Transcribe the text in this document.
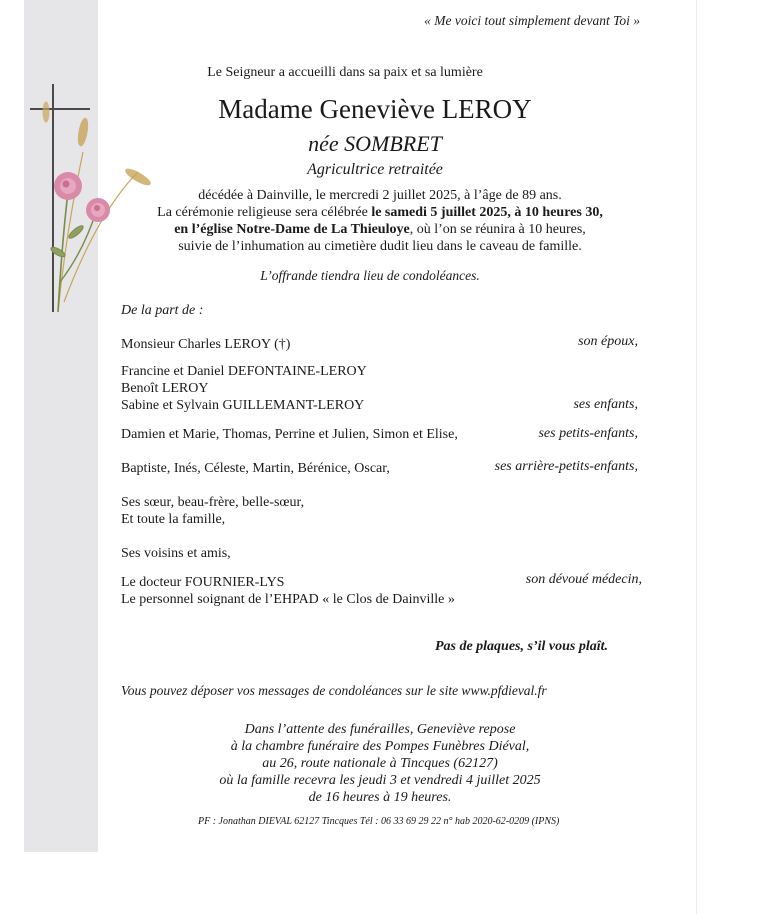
« Me voici tout simplement devant Toi »
Le Seigneur a accueilli dans sa paix et sa lumière
Madame Geneviève LEROY
née SOMBRET
Agricultrice retraitée
décédée à Dainville, le mercredi 2 juillet 2025, à l’âge de 89 ans.
La cérémonie religieuse sera célébrée le samedi 5 juillet 2025, à 10 heures 30,
en l’église Notre-Dame de La Thieuloye, où l’on se réunira à 10 heures,
suivie de l’inhumation au cimetière dudit lieu dans le caveau de famille.
L’offrande tiendra lieu de condoléances.
De la part de :
Monsieur Charles LEROY (†)	son époux,
Francine et Daniel DEFONTAINE-LEROY
Benoît LEROY
Sabine et Sylvain GUILLEMANT-LEROY	ses enfants,
Damien et Marie, Thomas, Perrine et Julien, Simon et Elise,	ses petits-enfants,
Baptiste, Inés, Céleste, Martin, Bérénice, Oscar,	ses arrière-petits-enfants,
Ses sœur, beau-frère, belle-sœur,
Et toute la famille,
Ses voisins et amis,
Le docteur FOURNIER-LYS	son dévoué médecin,
Le personnel soignant de l’EHPAD « le Clos de Dainville »
Pas de plaques, s’il vous plaît.
Vous pouvez déposer vos messages de condoléances sur le site www.pfdieval.fr
Dans l’attente des funérailles, Geneviève repose
à la chambre funéraire des Pompes Funèbres Diéval,
au 26, route nationale à Tincques (62127)
où la famille recevra les jeudi 3 et vendredi 4 juillet 2025
de 16 heures à 19 heures.
PF : Jonathan DIEVAL 62127 Tincques Tél : 06 33 69 29 22 n° hab 2020-62-0209 (IPNS)
